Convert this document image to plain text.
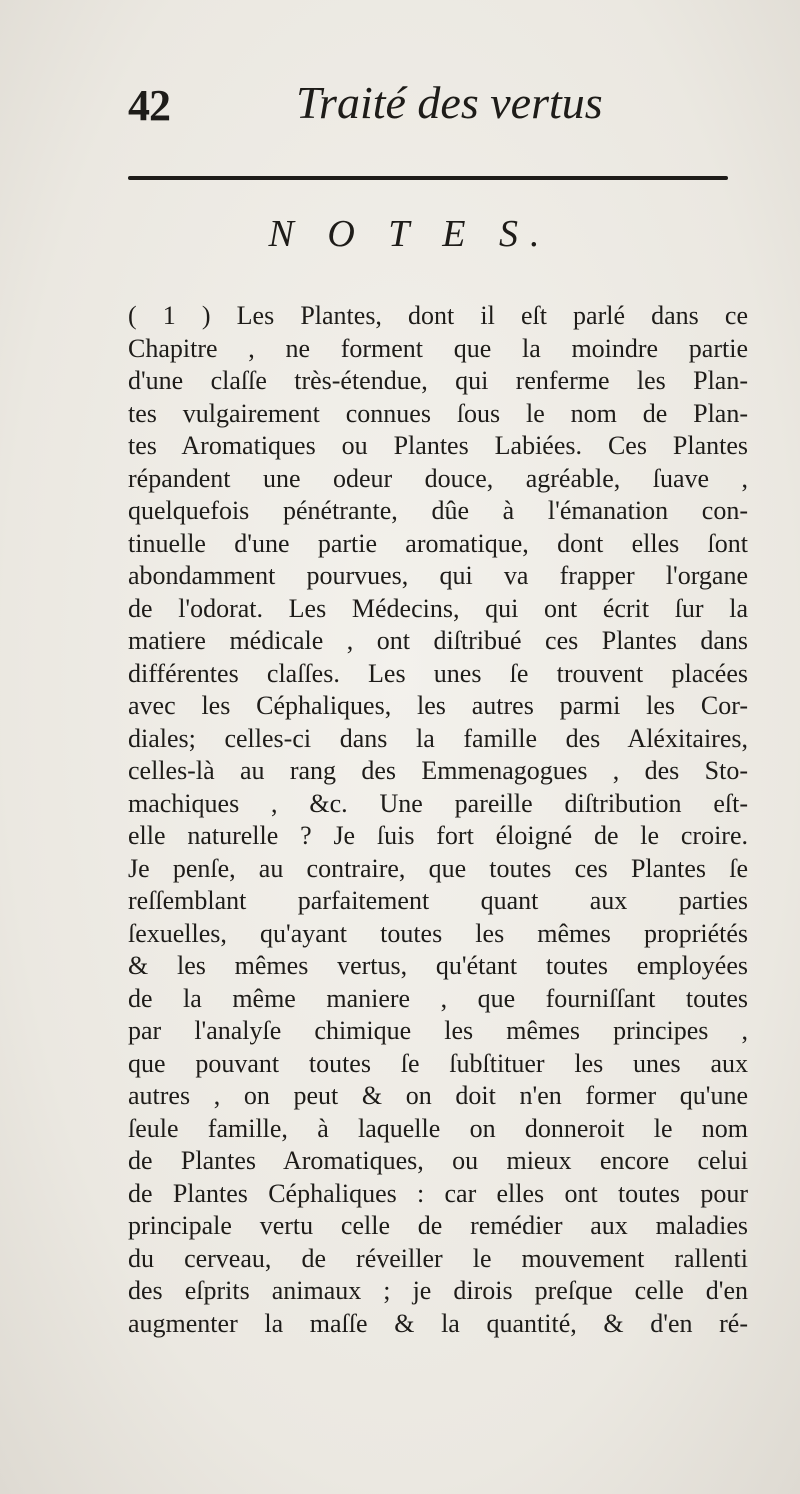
42	Traité des vertus
N O T E S.
( 1 ) Les Plantes, dont il eſt parlé dans ce
Chapitre , ne forment que la moindre partie
d'une claſſe très-étendue, qui renferme les Plan-
tes vulgairement connues ſous le nom de Plan-
tes Aromatiques ou Plantes Labiées. Ces Plantes
répandent une odeur douce, agréable, ſuave ,
quelquefois pénétrante, dûe à l'émanation con-
tinuelle d'une partie aromatique, dont elles ſont
abondamment pourvues, qui va frapper l'organe
de l'odorat. Les Médecins, qui ont écrit ſur la
matiere médicale , ont diſtribué ces Plantes dans
différentes claſſes. Les unes ſe trouvent placées
avec les Céphaliques, les autres parmi les Cor-
diales; celles-ci dans la famille des Aléxitaires,
celles-là au rang des Emmenagogues , des Sto-
machiques , &c. Une pareille diſtribution eſt-
elle naturelle ? Je ſuis fort éloigné de le croire.
Je penſe, au contraire, que toutes ces Plantes ſe
reſſemblant parfaitement quant aux parties
ſexuelles, qu'ayant toutes les mêmes propriétés
& les mêmes vertus, qu'étant toutes employées
de la même maniere , que fourniſſant toutes
par l'analyſe chimique les mêmes principes ,
que pouvant toutes ſe ſubſtituer les unes aux
autres , on peut & on doit n'en former qu'une
ſeule famille, à laquelle on donneroit le nom
de Plantes Aromatiques, ou mieux encore celui
de Plantes Céphaliques : car elles ont toutes pour
principale vertu celle de remédier aux maladies
du cerveau, de réveiller le mouvement rallenti
des eſprits animaux ; je dirois preſque celle d'en
augmenter la maſſe & la quantité, & d'en ré-
